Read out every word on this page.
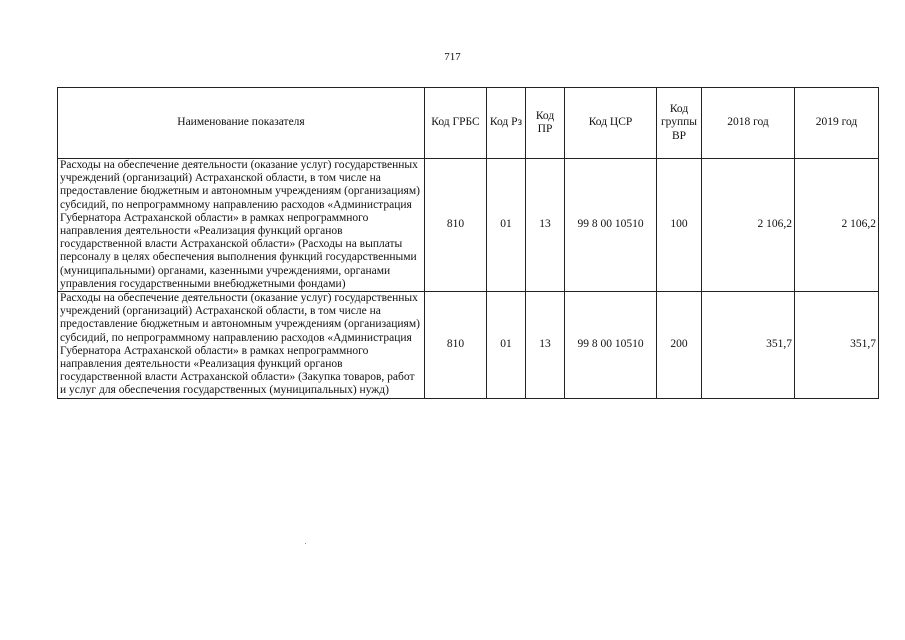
717
Наименование показателя	Код ГРБС	Код Рз	Код ПР	Код ЦСР	Код группы ВР	2018 год	2019 год
Расходы на обеспечение деятельности (оказание услуг) государственных учреждений (организаций) Астраханской области, в том числе на предоставление бюджетным и автономным учреждениям (организациям) субсидий, по непрограммному направлению расходов «Администрация Губернатора Астраханской области» в рамках непрограммного направления деятельности «Реализация функций органов государственной власти Астраханской области» (Расходы на выплаты персоналу в целях обеспечения выполнения функций государственными (муниципальными) органами, казенными учреждениями, органами управления государственными внебюджетными фондами)	810	01	13	99 8 00 10510	100	2 106,2	2 106,2
Расходы на обеспечение деятельности (оказание услуг) государственных учреждений (организаций) Астраханской области, в том числе на предоставление бюджетным и автономным учреждениям (организациям) субсидий, по непрограммному направлению расходов «Администрация Губернатора Астраханской области» в рамках непрограммного направления деятельности «Реализация функций органов государственной власти Астраханской области» (Закупка товаров, работ и услуг для обеспечения государственных (муниципальных) нужд)	810	01	13	99 8 00 10510	200	351,7	351,7
